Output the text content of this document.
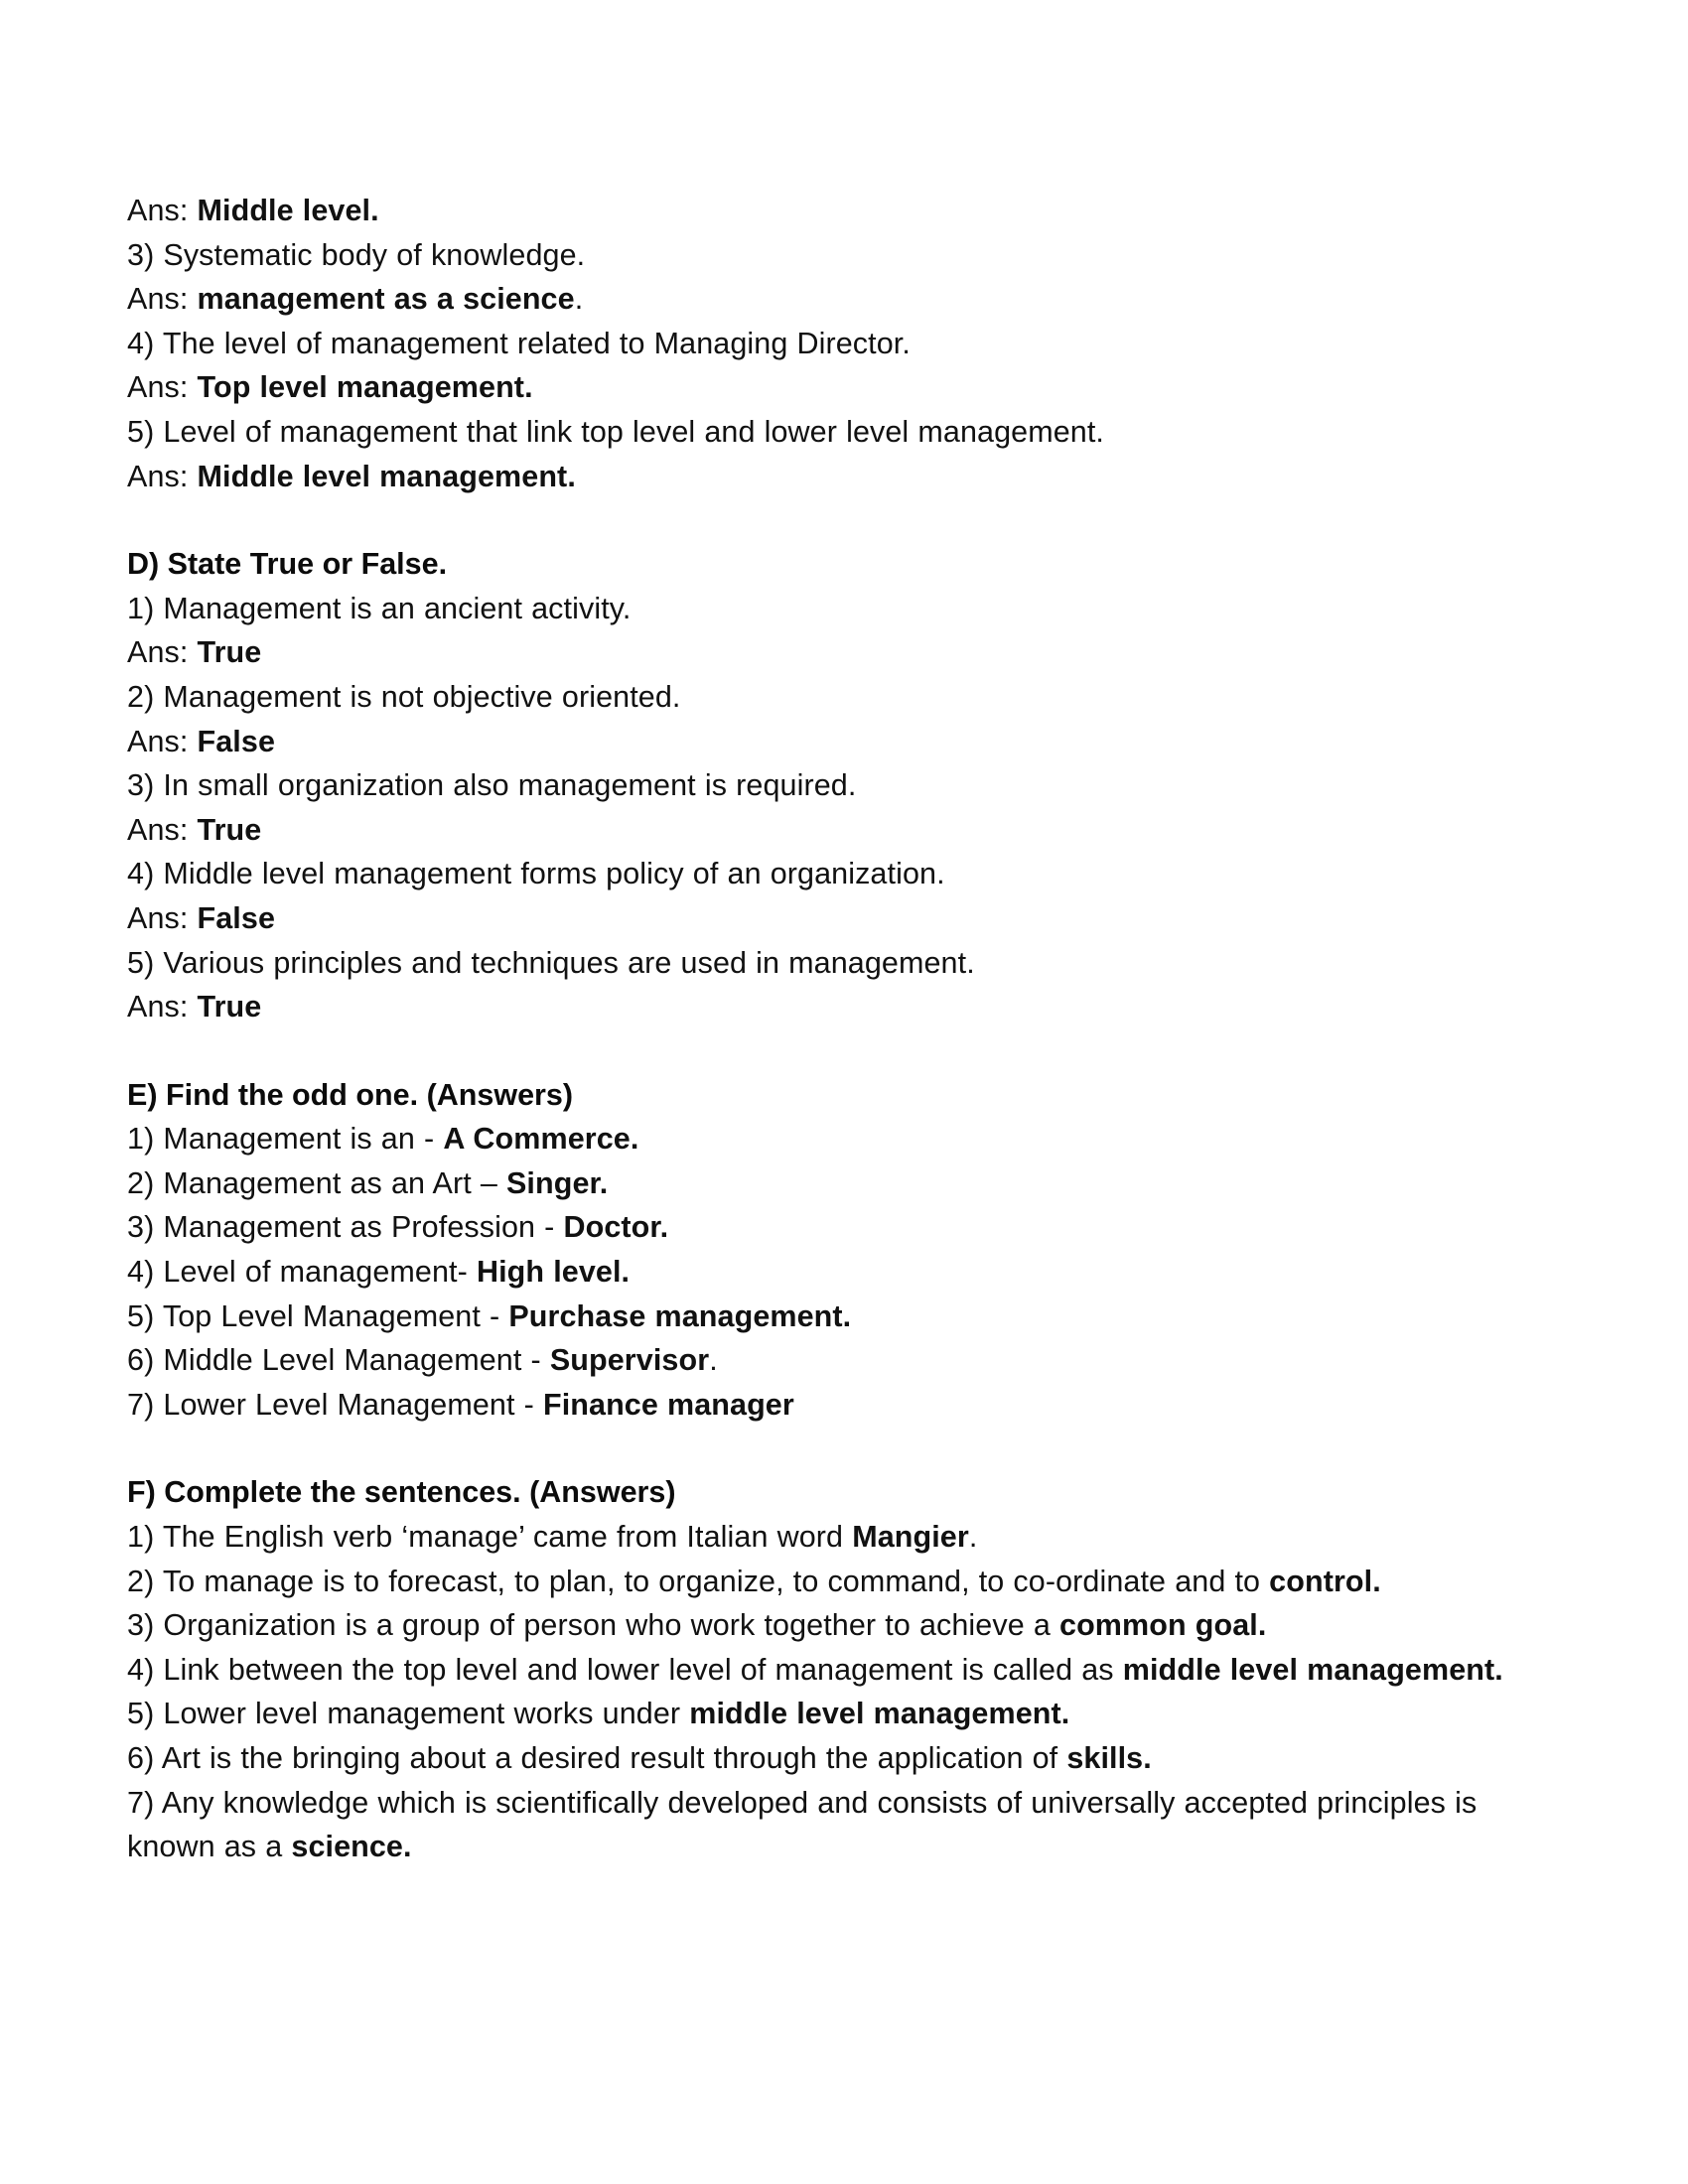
Ans: Middle level.
3) Systematic body of knowledge.
Ans: management as a science.
4) The level of management related to Managing Director.
Ans: Top level management.
5) Level of management that link top level and lower level management.
Ans: Middle level management.
D) State True or False.
1) Management is an ancient activity.
Ans: True
2) Management is not objective oriented.
Ans: False
3) In small organization also management is required.
Ans: True
4) Middle level management forms policy of an organization.
Ans: False
5) Various principles and techniques are used in management.
Ans: True
E) Find the odd one. (Answers)
1) Management is an - A Commerce.
2) Management as an Art – Singer.
3) Management as Profession - Doctor.
4) Level of management- High level.
5) Top Level Management - Purchase management.
6) Middle Level Management - Supervisor.
7) Lower Level Management - Finance manager
F) Complete the sentences. (Answers)
1) The English verb ‘manage’ came from Italian word Mangier.
2) To manage is to forecast, to plan, to organize, to command, to co-ordinate and to control.
3) Organization is a group of person who work together to achieve a common goal.
4) Link between the top level and lower level of management is called as middle level management.
5) Lower level management works under middle level management.
6) Art is the bringing about a desired result through the application of skills.
7) Any knowledge which is scientifically developed and consists of universally accepted principles is known as a science.
